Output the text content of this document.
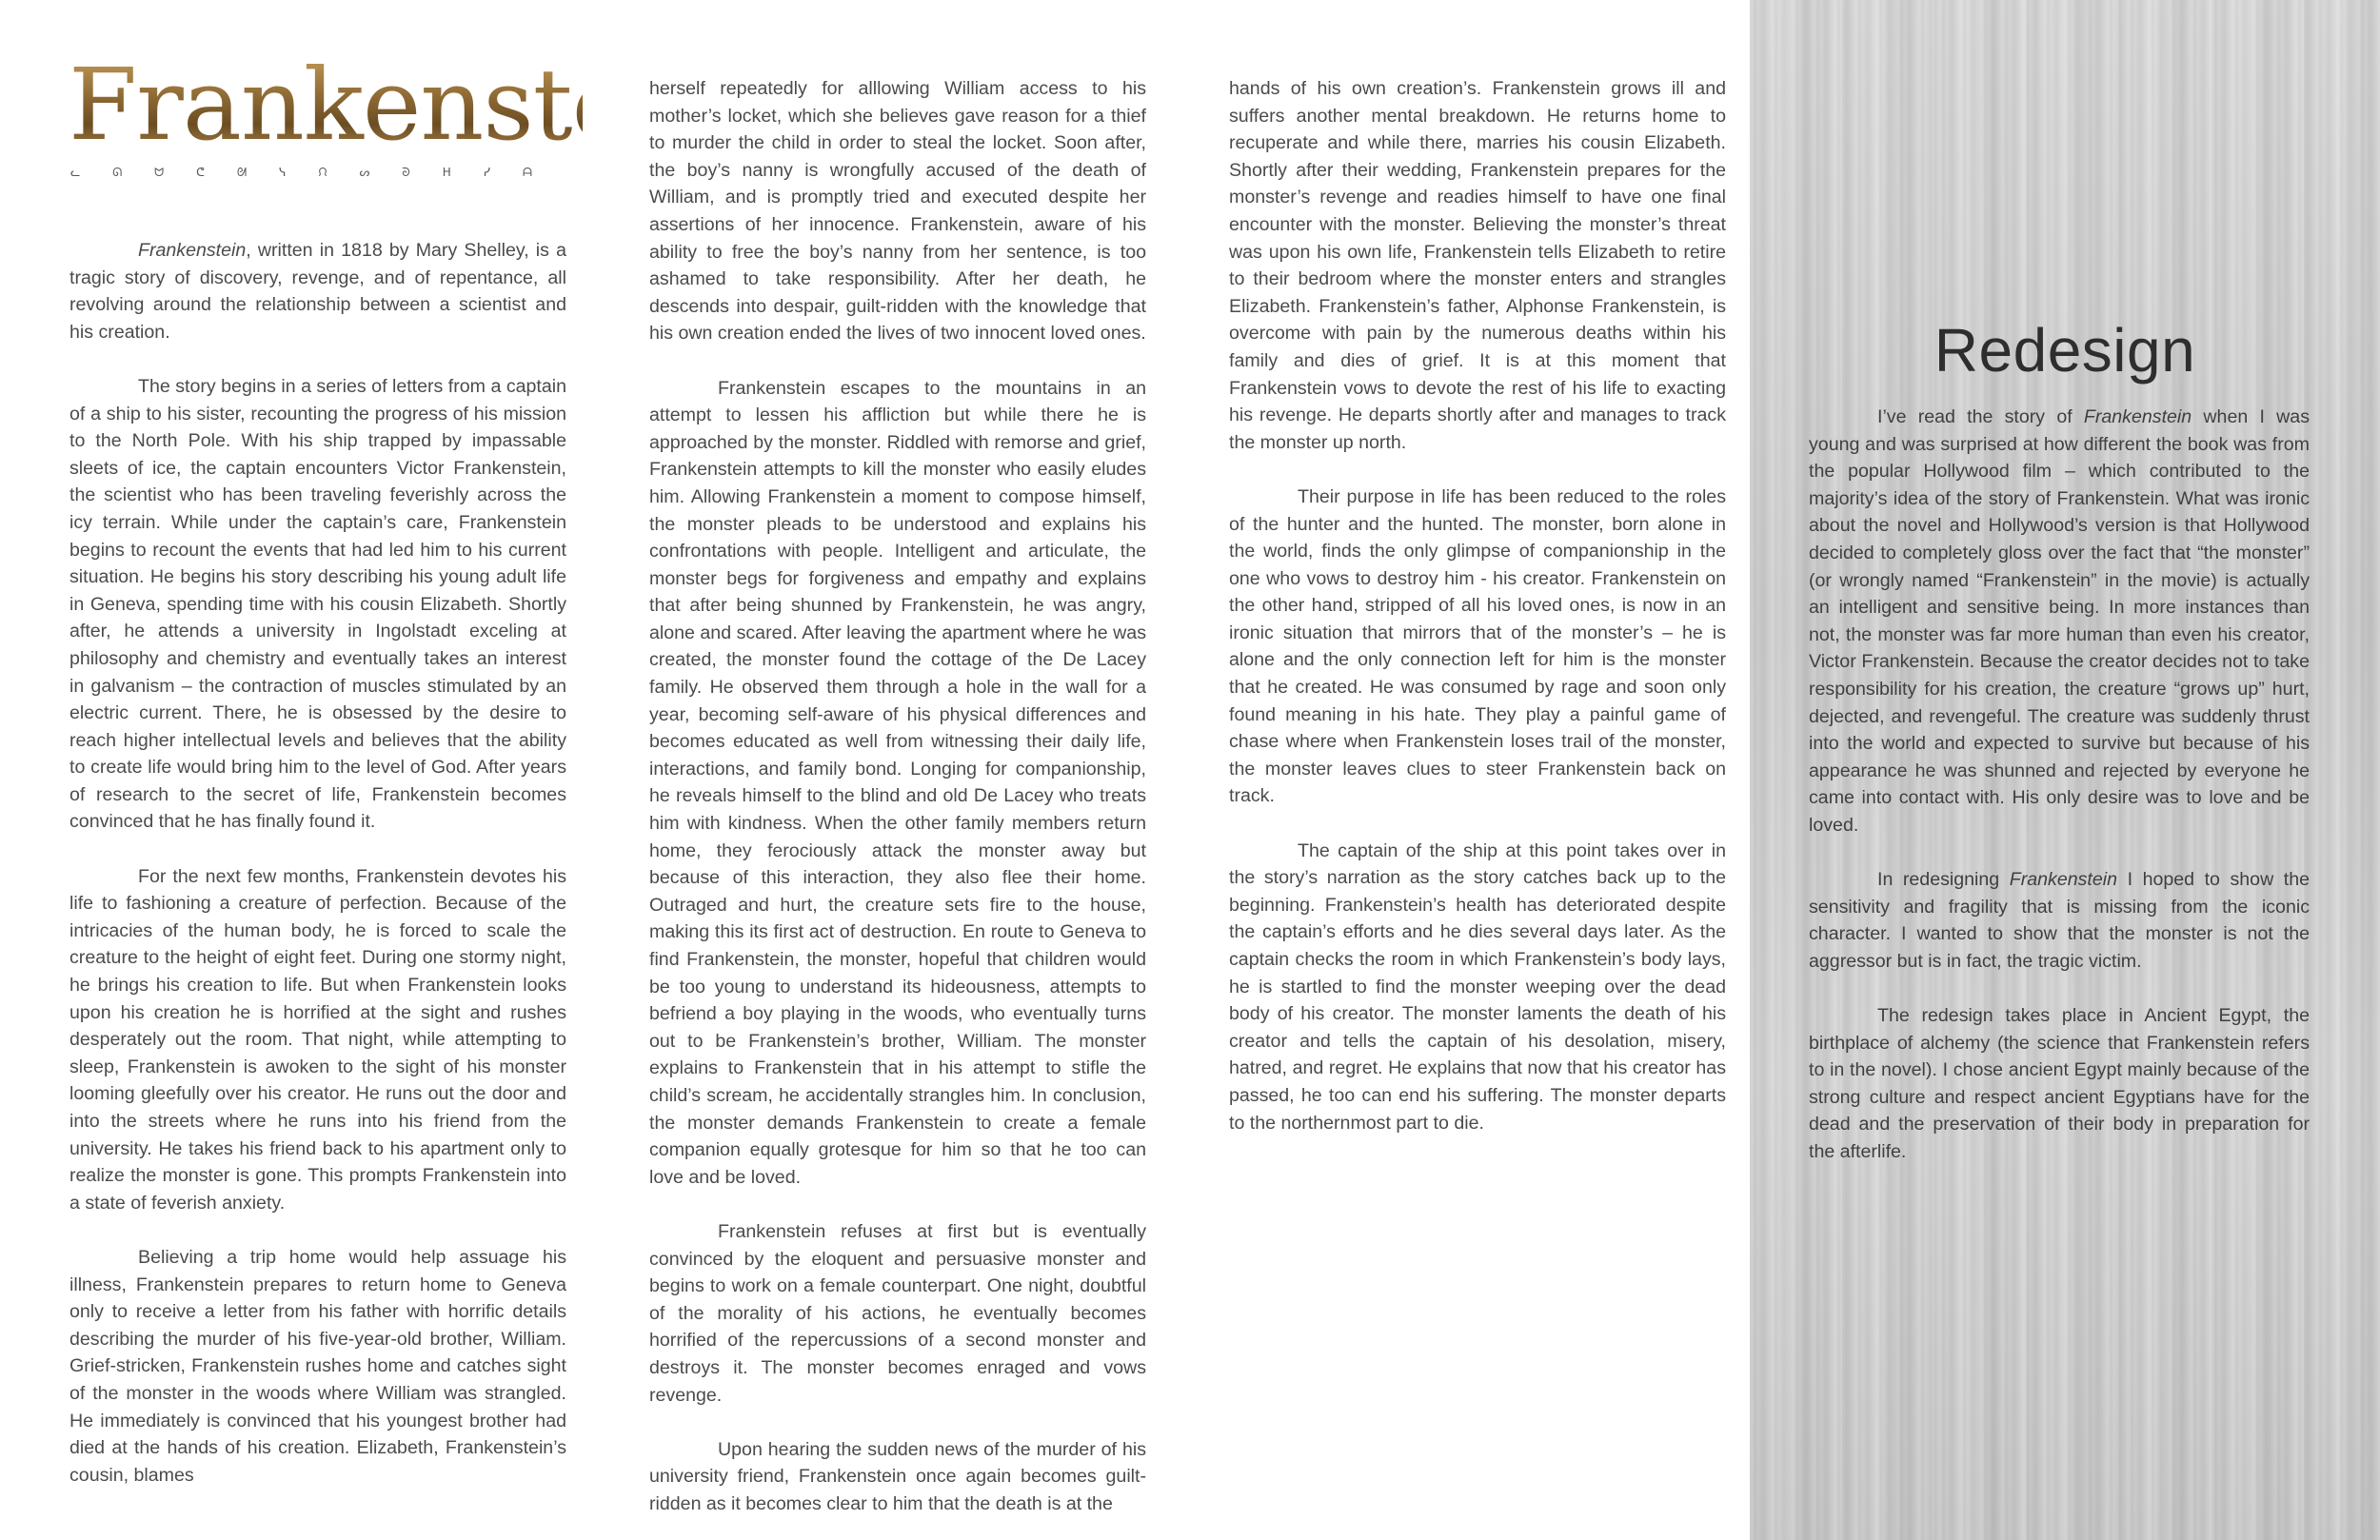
Frankenstein
ᓚᘏᗢᕦᘛᓭᙁᔕᘐᕼᓯᗩ

Frankenstein, written in 1818 by Mary Shelley, is a tragic story of discovery, revenge, and of repentance, all revolving around the relationship between a scientist and his creation.

The story begins in a series of letters from a captain of a ship to his sister, recounting the progress of his mission to the North Pole. With his ship trapped by impassable sleets of ice, the captain encounters Victor Frankenstein, the scientist who has been traveling feverishly across the icy terrain. While under the captain’s care, Frankenstein begins to recount the events that had led him to his current situation. He begins his story describing his young adult life in Geneva, spending time with his cousin Elizabeth. Shortly after, he attends a university in Ingolstadt exceling at philosophy and chemistry and eventually takes an interest in galvanism – the contraction of muscles stimulated by an electric current. There, he is obsessed by the desire to reach higher intellectual levels and believes that the ability to create life would bring him to the level of God. After years of research to the secret of life, Frankenstein becomes convinced that he has finally found it.

For the next few months, Frankenstein devotes his life to fashioning a creature of perfection. Because of the intricacies of the human body, he is forced to scale the creature to the height of eight feet. During one stormy night, he brings his creation to life. But when Frankenstein looks upon his creation he is horrified at the sight and rushes desperately out the room. That night, while attempting to sleep, Frankenstein is awoken to the sight of his monster looming gleefully over his creator. He runs out the door and into the streets where he runs into his friend from the university. He takes his friend back to his apartment only to realize the monster is gone. This prompts Frankenstein into a state of feverish anxiety.

Believing a trip home would help assuage his illness, Frankenstein prepares to return home to Geneva only to receive a letter from his father with horrific details describing the murder of his five-year-old brother, William. Grief-stricken, Frankenstein rushes home and catches sight of the monster in the woods where William was strangled. He immediately is convinced that his youngest brother had died at the hands of his creation. Elizabeth, Frankenstein’s cousin, blames

herself repeatedly for alllowing William access to his mother’s locket, which she believes gave reason for a thief to murder the child in order to steal the locket. Soon after, the boy’s nanny is wrongfully accused of the death of William, and is promptly tried and executed despite her assertions of her innocence. Frankenstein, aware of his ability to free the boy’s nanny from her sentence, is too ashamed to take responsibility. After her death, he descends into despair, guilt-ridden with the knowledge that his own creation ended the lives of two innocent loved ones.

Frankenstein escapes to the mountains in an attempt to lessen his affliction but while there he is approached by the monster. Riddled with remorse and grief, Frankenstein attempts to kill the monster who easily eludes him. Allowing Frankenstein a moment to compose himself, the monster pleads to be understood and explains his confrontations with people. Intelligent and articulate, the monster begs for forgiveness and empathy and explains that after being shunned by Frankenstein, he was angry, alone and scared. After leaving the apartment where he was created, the monster found the cottage of the De Lacey family. He observed them through a hole in the wall for a year, becoming self-aware of his physical differences and becomes educated as well from witnessing their daily life, interactions, and family bond. Longing for companionship, he reveals himself to the blind and old De Lacey who treats him with kindness. When the other family members return home, they ferociously attack the monster away but because of this interaction, they also flee their home. Outraged and hurt, the creature sets fire to the house, making this its first act of destruction. En route to Geneva to find Frankenstein, the monster, hopeful that children would be too young to understand its hideousness, attempts to befriend a boy playing in the woods, who eventually turns out to be Frankenstein’s brother, William. The monster explains to Frankenstein that in his attempt to stifle the child’s scream, he accidentally strangles him. In conclusion, the monster demands Frankenstein to create a female companion equally grotesque for him so that he too can love and be loved.

Frankenstein refuses at first but is eventually convinced by the eloquent and persuasive monster and begins to work on a female counterpart. One night, doubtful of the morality of his actions, he eventually becomes horrified of the repercussions of a second monster and destroys it. The monster becomes enraged and vows revenge.

Upon hearing the sudden news of the murder of his university friend, Frankenstein once again becomes guilt-ridden as it becomes clear to him that the death is at the

hands of his own creation’s. Frankenstein grows ill and suffers another mental breakdown. He returns home to recuperate and while there, marries his cousin Elizabeth. Shortly after their wedding, Frankenstein prepares for the monster’s revenge and readies himself to have one final encounter with the monster. Believing the monster’s threat was upon his own life, Frankenstein tells Elizabeth to retire to their bedroom where the monster enters and strangles Elizabeth. Frankenstein’s father, Alphonse Frankenstein, is overcome with pain by the numerous deaths within his family and dies of grief. It is at this moment that Frankenstein vows to devote the rest of his life to exacting his revenge. He departs shortly after and manages to track the monster up north.

Their purpose in life has been reduced to the roles of the hunter and the hunted. The monster, born alone in the world, finds the only glimpse of companionship in the one who vows to destroy him - his creator. Frankenstein on the other hand, stripped of all his loved ones, is now in an ironic situation that mirrors that of the monster’s – he is alone and the only connection left for him is the monster that he created. He was consumed by rage and soon only found meaning in his hate. They play a painful game of chase where when Frankenstein loses trail of the monster, the monster leaves clues to steer Frankenstein back on track.

The captain of the ship at this point takes over in the story’s narration as the story catches back up to the beginning. Frankenstein’s health has deteriorated despite the captain’s efforts and he dies several days later. As the captain checks the room in which Frankenstein’s body lays, he is startled to find the monster weeping over the dead body of his creator. The monster laments the death of his creator and tells the captain of his desolation, misery, hatred, and regret. He explains that now that his creator has passed, he too can end his suffering. The monster departs to the northernmost part to die.

Redesign

I’ve read the story of Frankenstein when I was young and was surprised at how different the book was from the popular Hollywood film – which contributed to the majority’s idea of the story of Frankenstein. What was ironic about the novel and Hollywood’s version is that Hollywood decided to completely gloss over the fact that “the monster” (or wrongly named “Frankenstein” in the movie) is actually an intelligent and sensitive being. In more instances than not, the monster was far more human than even his creator, Victor Frankenstein. Because the creator decides not to take responsibility for his creation, the creature “grows up” hurt, dejected, and revengeful. The creature was suddenly thrust into the world and expected to survive but because of his appearance he was shunned and rejected by everyone he came into contact with. His only desire was to love and be loved.

In redesigning Frankenstein I hoped to show the sensitivity and fragility that is missing from the iconic character. I wanted to show that the monster is not the aggressor but is in fact, the tragic victim.

The redesign takes place in Ancient Egypt, the birthplace of alchemy (the science that Frankenstein refers to in the novel). I chose ancient Egypt mainly because of the strong culture and respect ancient Egyptians have for the dead and the preservation of their body in preparation for the afterlife.
